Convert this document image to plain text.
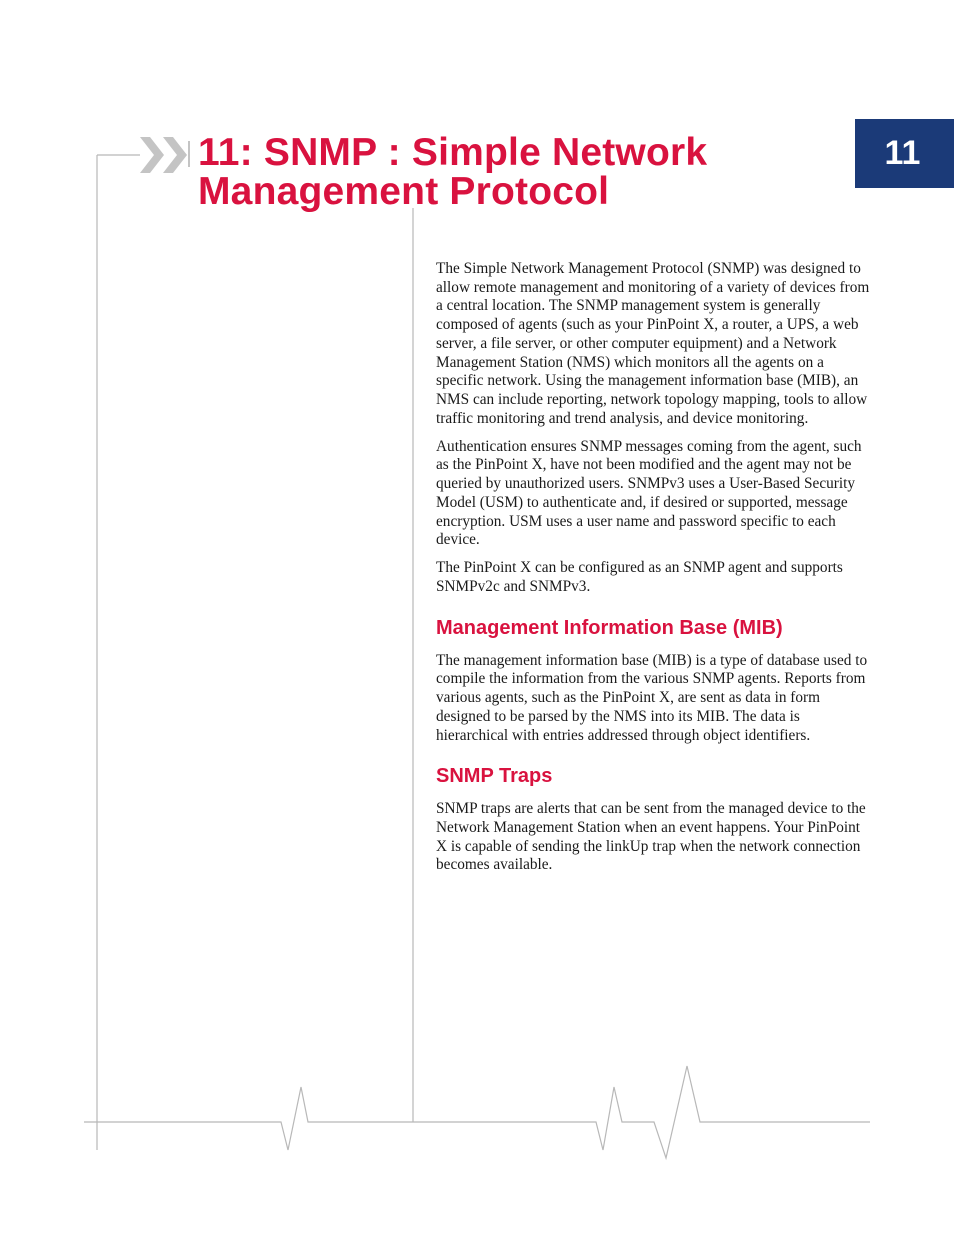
11
11: SNMP : Simple Network
Management Protocol

The Simple Network Management Protocol (SNMP) was designed to allow remote management and monitoring of a variety of devices from a central location. The SNMP management system is generally composed of agents (such as your PinPoint X, a router, a UPS, a web server, a file server, or other computer equipment) and a Network Management Station (NMS) which monitors all the agents on a specific network. Using the management information base (MIB), an NMS can include reporting, network topology mapping, tools to allow traffic monitoring and trend analysis, and device monitoring.

Authentication ensures SNMP messages coming from the agent, such as the PinPoint X, have not been modified and the agent may not be queried by unauthorized users. SNMPv3 uses a User-Based Security Model (USM) to authenticate and, if desired or supported, message encryption. USM uses a user name and password specific to each device.

The PinPoint X can be configured as an SNMP agent and supports SNMPv2c and SNMPv3.

Management Information Base (MIB)

The management information base (MIB) is a type of database used to compile the information from the various SNMP agents. Reports from various agents, such as the PinPoint X, are sent as data in form designed to be parsed by the NMS into its MIB. The data is hierarchical with entries addressed through object identifiers.

SNMP Traps

SNMP traps are alerts that can be sent from the managed device to the Network Management Station when an event happens. Your PinPoint X is capable of sending the linkUp trap when the network connection becomes available.
